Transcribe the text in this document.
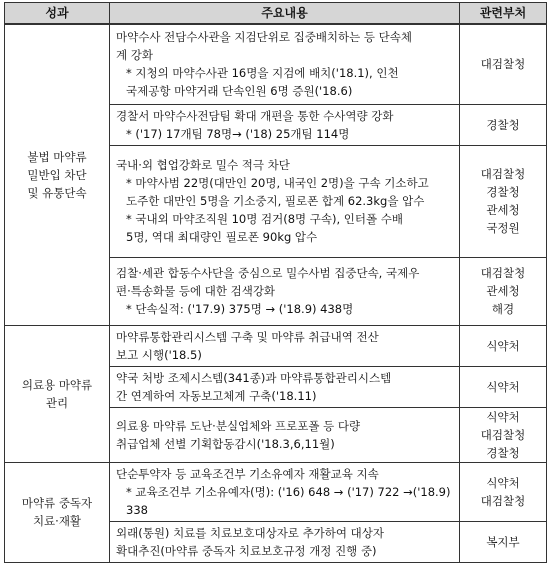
성과	주요내용	관련부처

불법 마약류
밀반입 차단
및 유통단속	마약수사 전담수사관을 지검단위로 집중배치하는 등 단속체
계 강화
* 지청의 마약수사관 16명을 지검에 배치('18.1), 인천
국제공항 마약거래 단속인원 6명 증원('18.6)	대검찰청

	경찰서 마약수사전담팀 확대 개편을 통한 수사역량 강화
* ('17) 17개팀 78명→ ('18) 25개팀 114명	경찰청

	국내·외 협업강화로 밀수 적극 차단
* 마약사범 22명(대만인 20명, 내국인 2명)을 구속 기소하고
도주한 대만인 5명을 기소중지, 필로폰 합계 62.3kg을 압수
* 국내외 마약조직원 10명 검거(8명 구속), 인터폴 수배
5명, 역대 최대량인 필로폰 90kg 압수	대검찰청
경찰청
관세청
국정원

	검찰·세관 합동수사단을 중심으로 밀수사범 집중단속, 국제우
편·특송화물 등에 대한 검색강화
* 단속실적: ('17.9) 375명 → ('18.9) 438명	대검찰청
관세청
해경

의료용 마약류
관리	마약류통합관리시스템 구축 및 마약류 취급내역 전산
보고 시행('18.5)	식약처

	약국 처방 조제시스템(341종)과 마약류통합관리시스템
간 연계하여 자동보고체계 구축('18.11)	식약처

	의료용 마약류 도난·분실업체와 프로포폴 등 다량
취급업체 선별 기획합동감시('18.3,6,11월)	식약처
대검찰청
경찰청

마약류 중독자
치료·재활	단순투약자 등 교육조건부 기소유예자 재활교육 지속
* 교육조건부 기소유예자(명): ('16) 648 → ('17) 722 →('18.9)
338	식약처
대검찰청

	외래(통원) 치료를 치료보호대상자로 추가하여 대상자
확대추진(마약류 중독자 치료보호규정 개정 진행 중)	복지부
